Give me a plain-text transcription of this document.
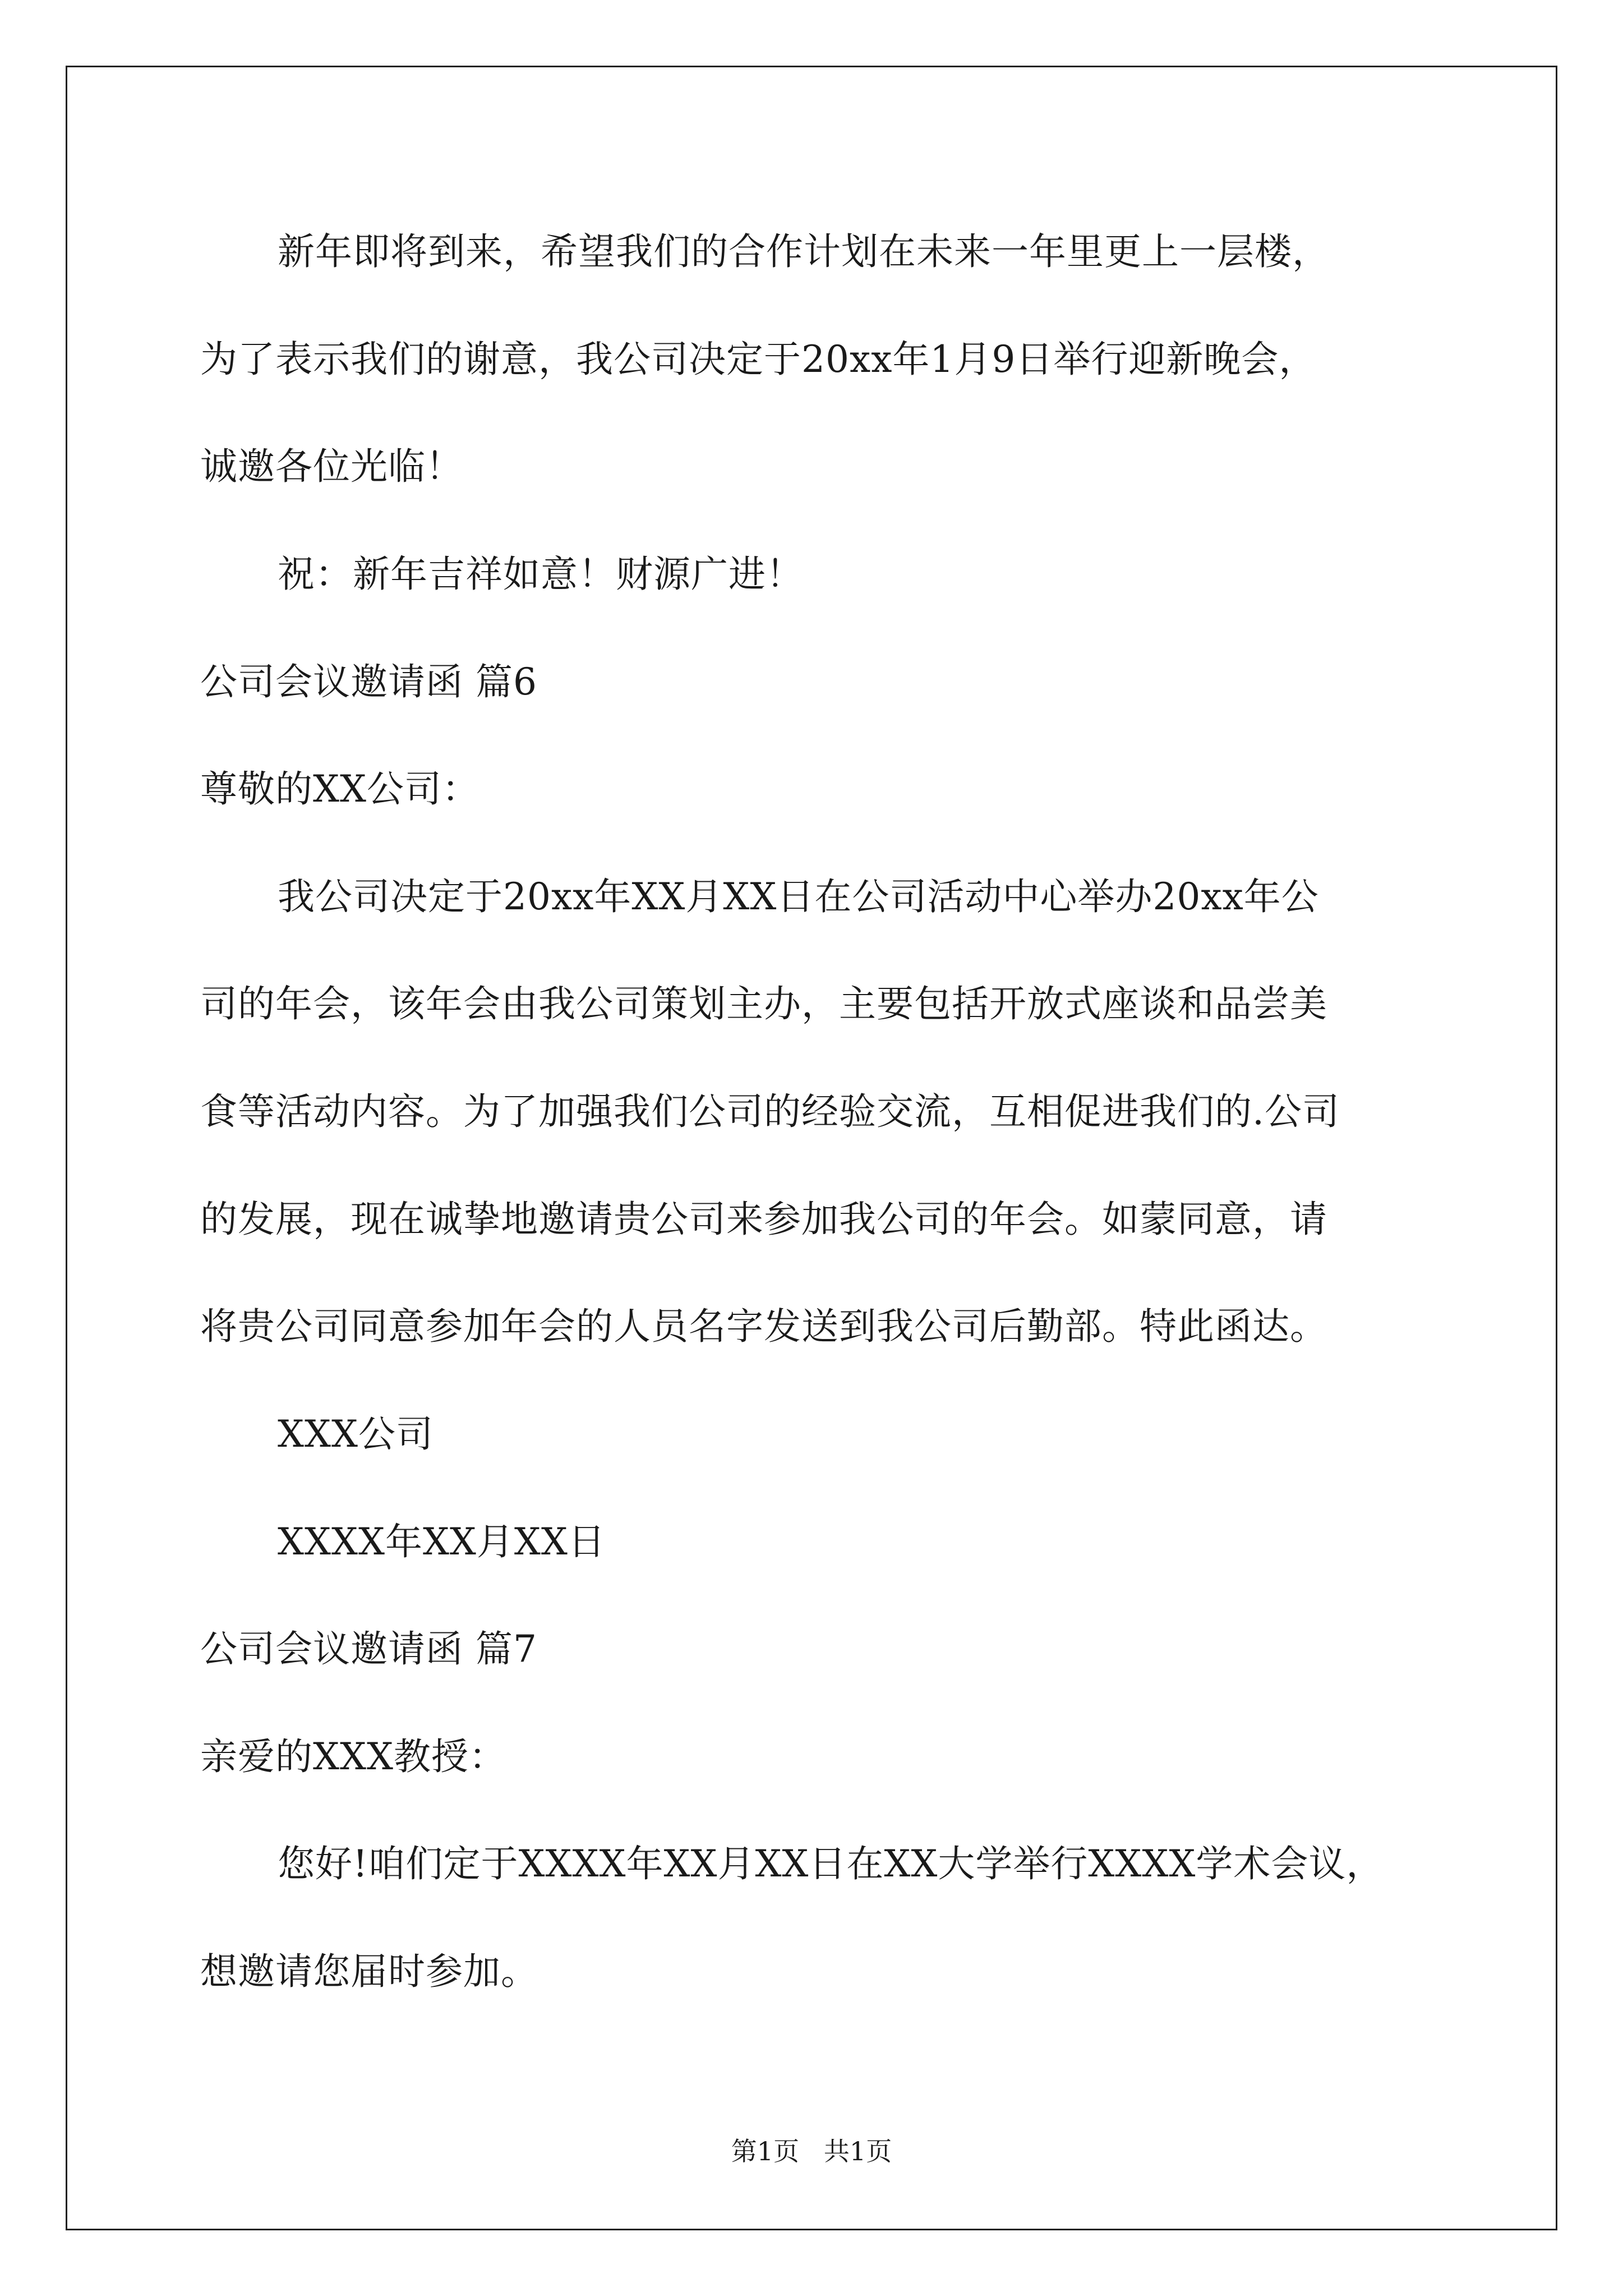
新年即将到来，希望我们的合作计划在未来一年里更上一层楼，
为了表示我们的谢意，我公司决定于20xx年1月9日举行迎新晚会，
诚邀各位光临！
祝：新年吉祥如意！财源广进！
公司会议邀请函 篇6
尊敬的XX公司：
我公司决定于20xx年XX月XX日在公司活动中心举办20xx年公
司的年会，该年会由我公司策划主办，主要包括开放式座谈和品尝美
食等活动内容。为了加强我们公司的经验交流，互相促进我们的.公司
的发展，现在诚挚地邀请贵公司来参加我公司的年会。如蒙同意，请
将贵公司同意参加年会的人员名字发送到我公司后勤部。特此函达。
XXX公司
XXXX年XX月XX日
公司会议邀请函 篇7
亲爱的XXX教授：
您好!咱们定于XXXX年XX月XX日在XX大学举行XXXX学术会议，
想邀请您届时参加。
第1页   共1页
